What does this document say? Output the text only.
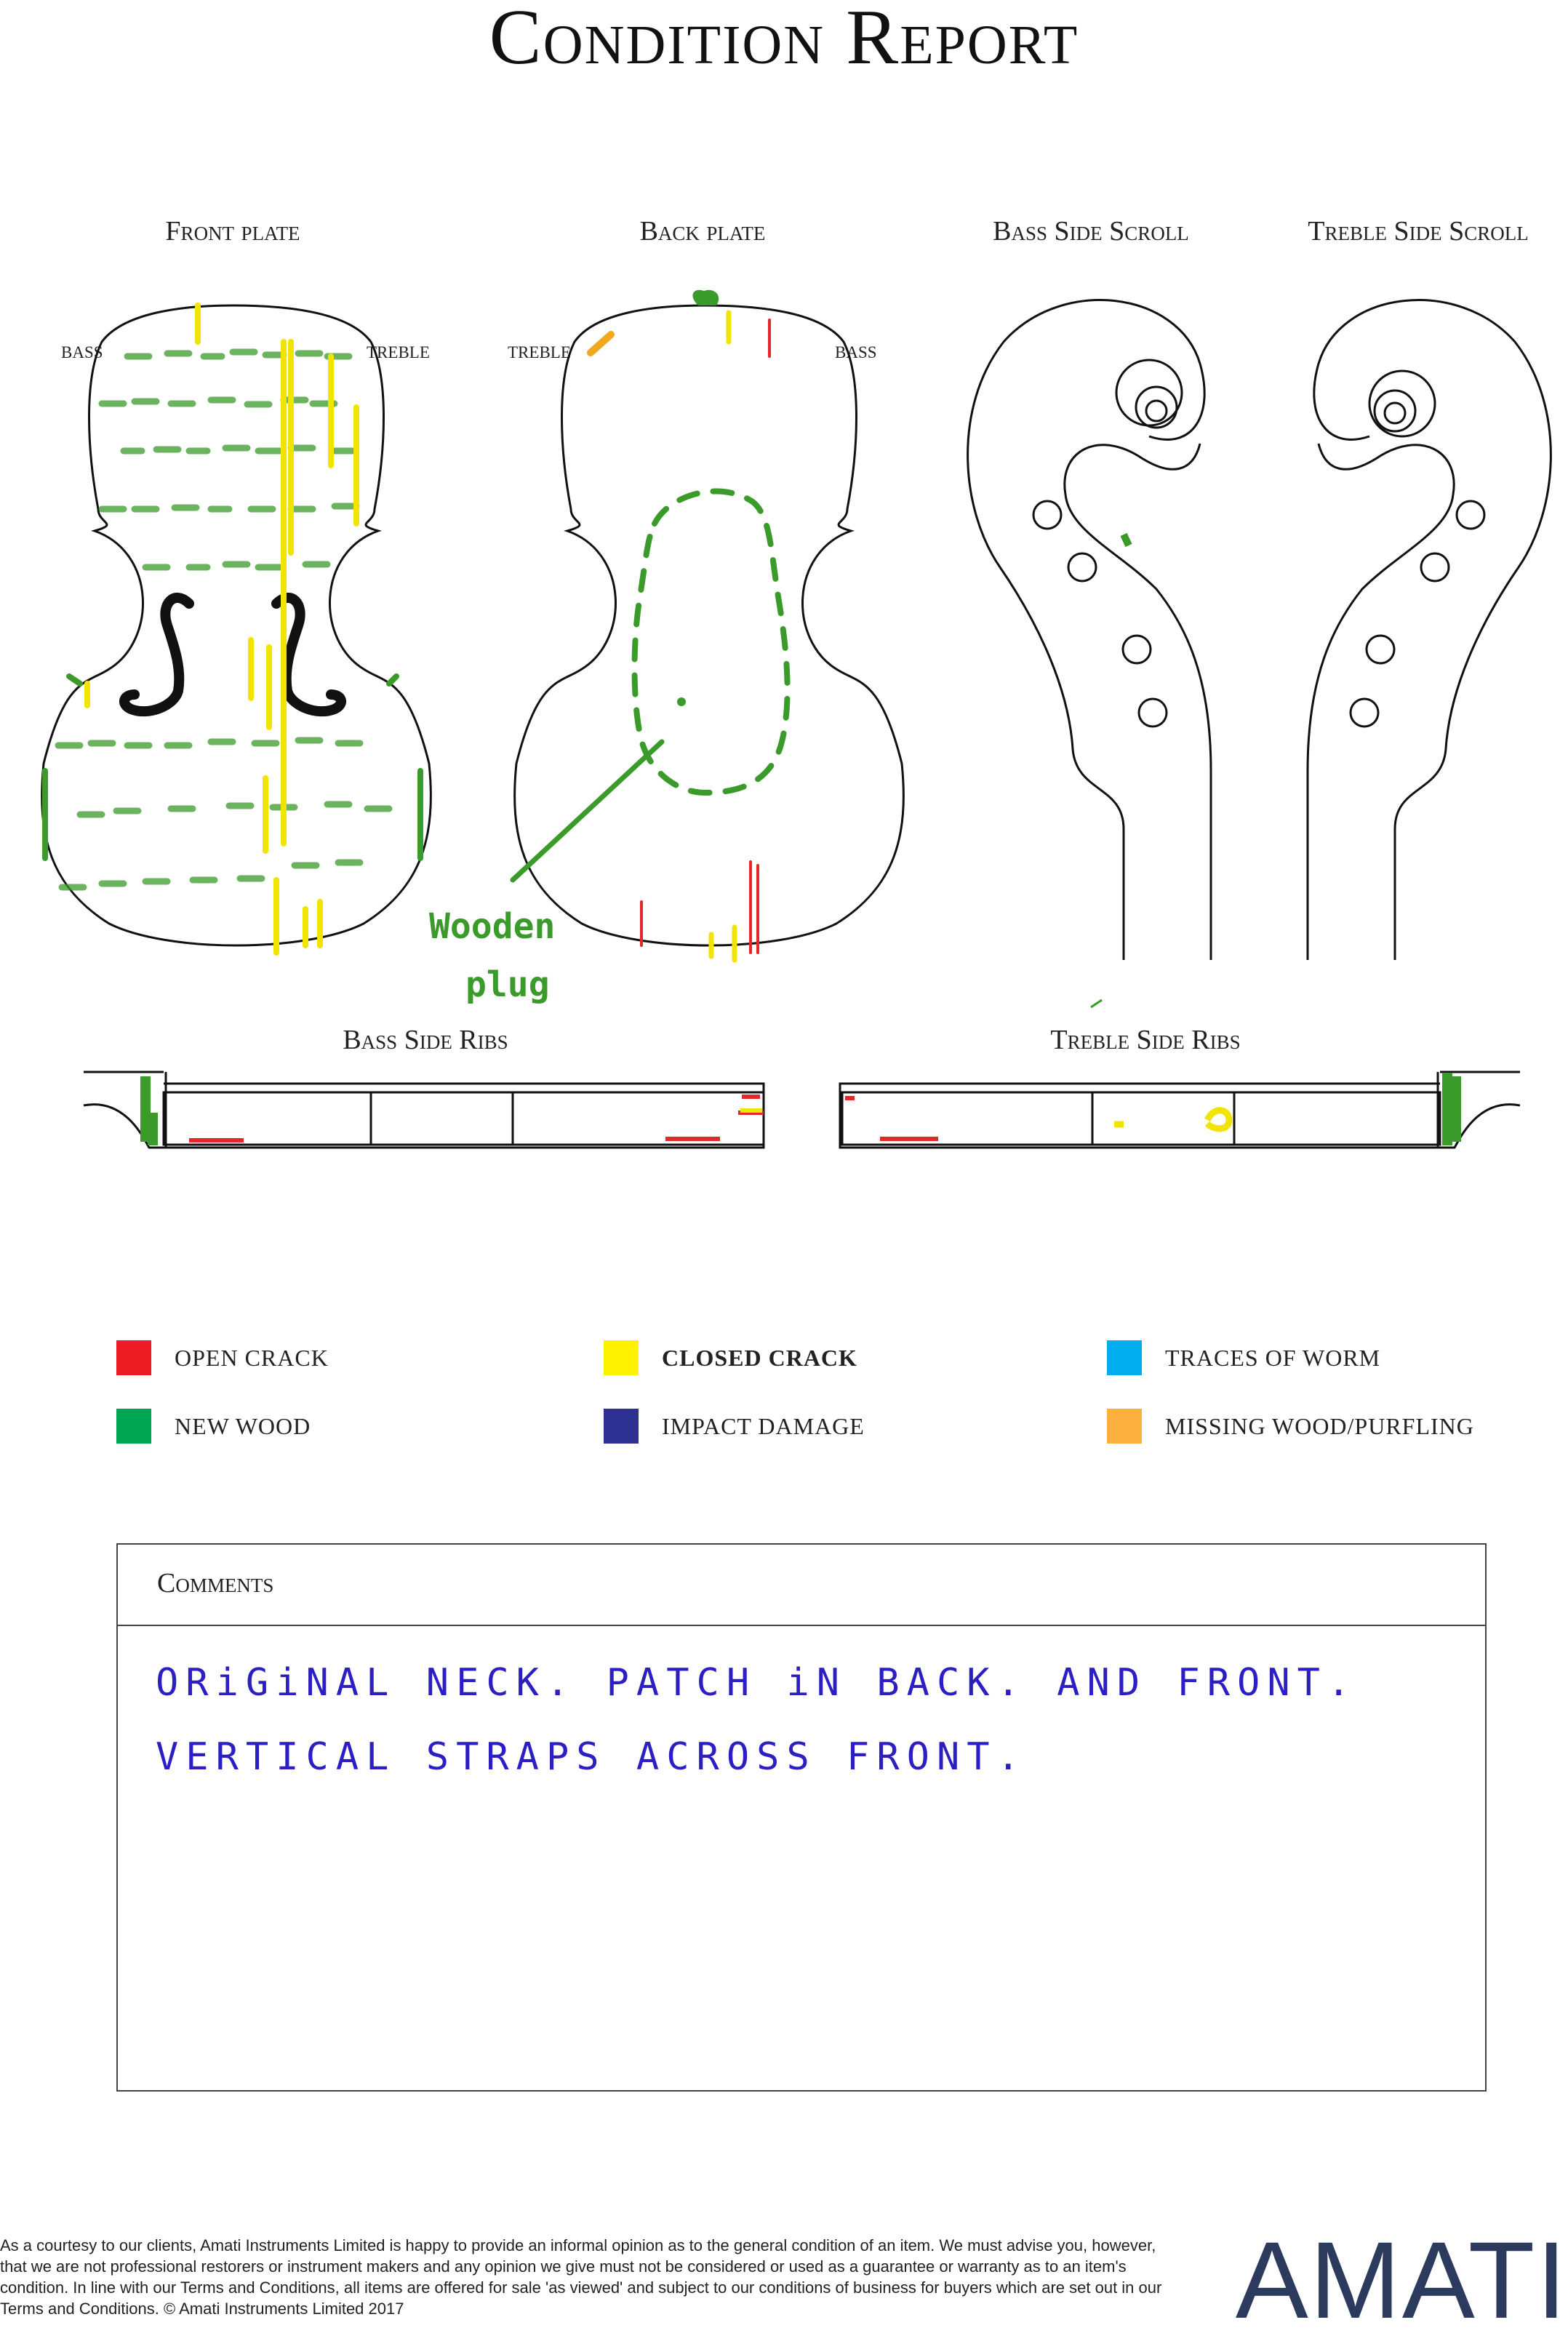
Condition Report
Front plate	Back plate	Bass Side Scroll	Treble Side Scroll
Bass Side Ribs	Treble Side Ribs
BASS	TREBLE	TREBLE	BASS
Wooden
plug
OPEN CRACK	CLOSED CRACK	TRACES OF WORM
NEW WOOD	IMPACT DAMAGE	MISSING WOOD/PURFLING
Comments
ORiGiNAL NECK. PATCH iN BACK. AND FRONT.
VERTICAL STRAPS ACROSS FRONT.
As a courtesy to our clients, Amati Instruments Limited is happy to provide an informal opinion as to the general condition of an item. We must advise you, however, that we are not professional restorers or instrument makers and any opinion we give must not be considered or used as a guarantee or warranty as to an item's condition. In line with our Terms and Conditions, all items are offered for sale 'as viewed' and subject to our conditions of business for buyers which are set out in our Terms and Conditions. © Amati Instruments Limited 2017	AMATI
